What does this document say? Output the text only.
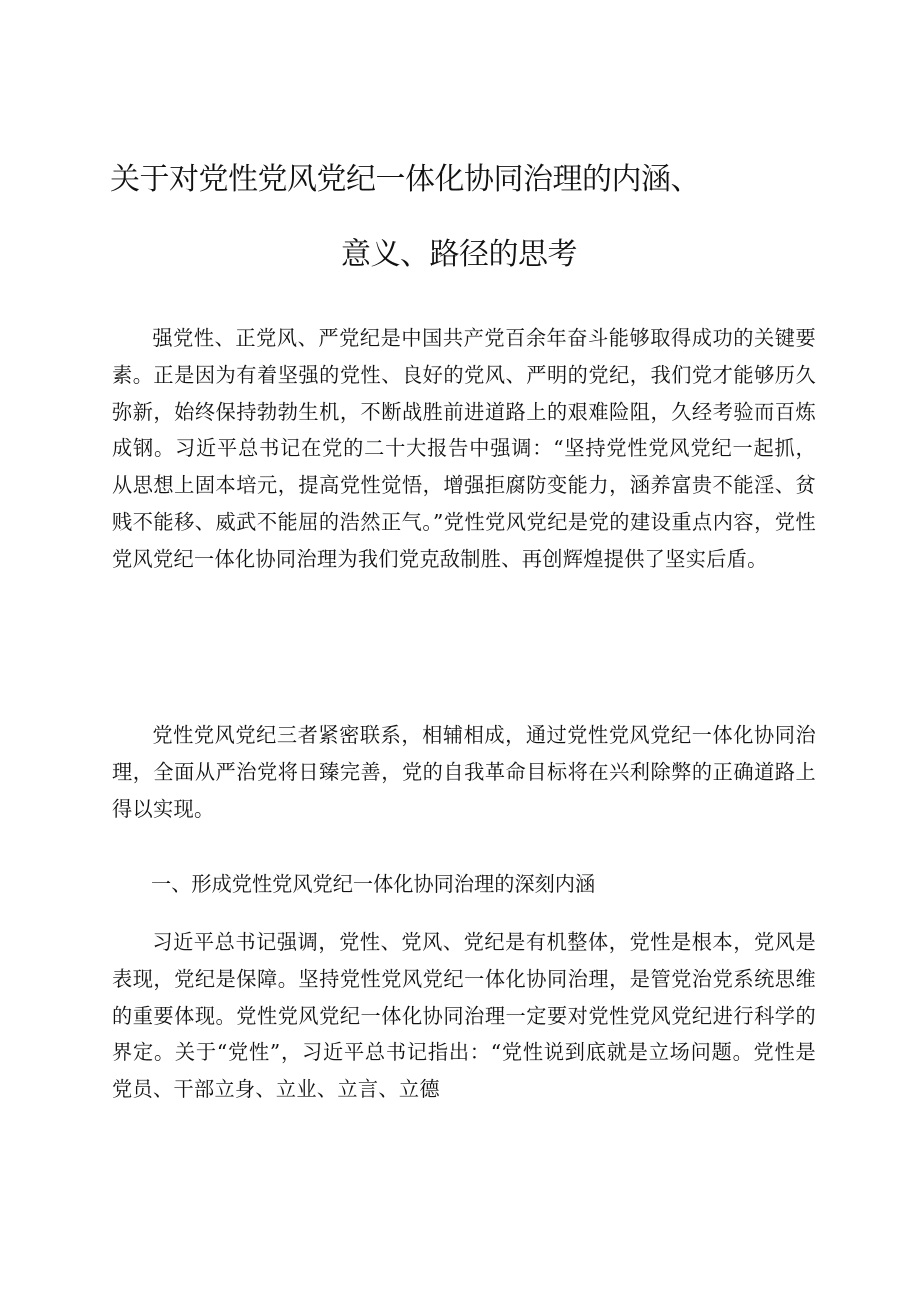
关于对党性党风党纪一体化协同治理的内涵、
意义、路径的思考

强党性、正党风、严党纪是中国共产党百余年奋斗能够取得成功的关键要素。正是因为有着坚强的党性、良好的党风、严明的党纪，我们党才能够历久弥新，始终保持勃勃生机，不断战胜前进道路上的艰难险阻，久经考验而百炼成钢。习近平总书记在党的二十大报告中强调：“坚持党性党风党纪一起抓，从思想上固本培元，提高党性觉悟，增强拒腐防变能力，涵养富贵不能淫、贫贱不能移、威武不能屈的浩然正气。”党性党风党纪是党的建设重点内容，党性党风党纪一体化协同治理为我们党克敌制胜、再创辉煌提供了坚实后盾。

党性党风党纪三者紧密联系，相辅相成，通过党性党风党纪一体化协同治理，全面从严治党将日臻完善，党的自我革命目标将在兴利除弊的正确道路上得以实现。

一、形成党性党风党纪一体化协同治理的深刻内涵

习近平总书记强调，党性、党风、党纪是有机整体，党性是根本，党风是表现，党纪是保障。坚持党性党风党纪一体化协同治理，是管党治党系统思维的重要体现。党性党风党纪一体化协同治理一定要对党性党风党纪进行科学的界定。关于“党性”，习近平总书记指出：“党性说到底就是立场问题。党性是党员、干部立身、立业、立言、立德
